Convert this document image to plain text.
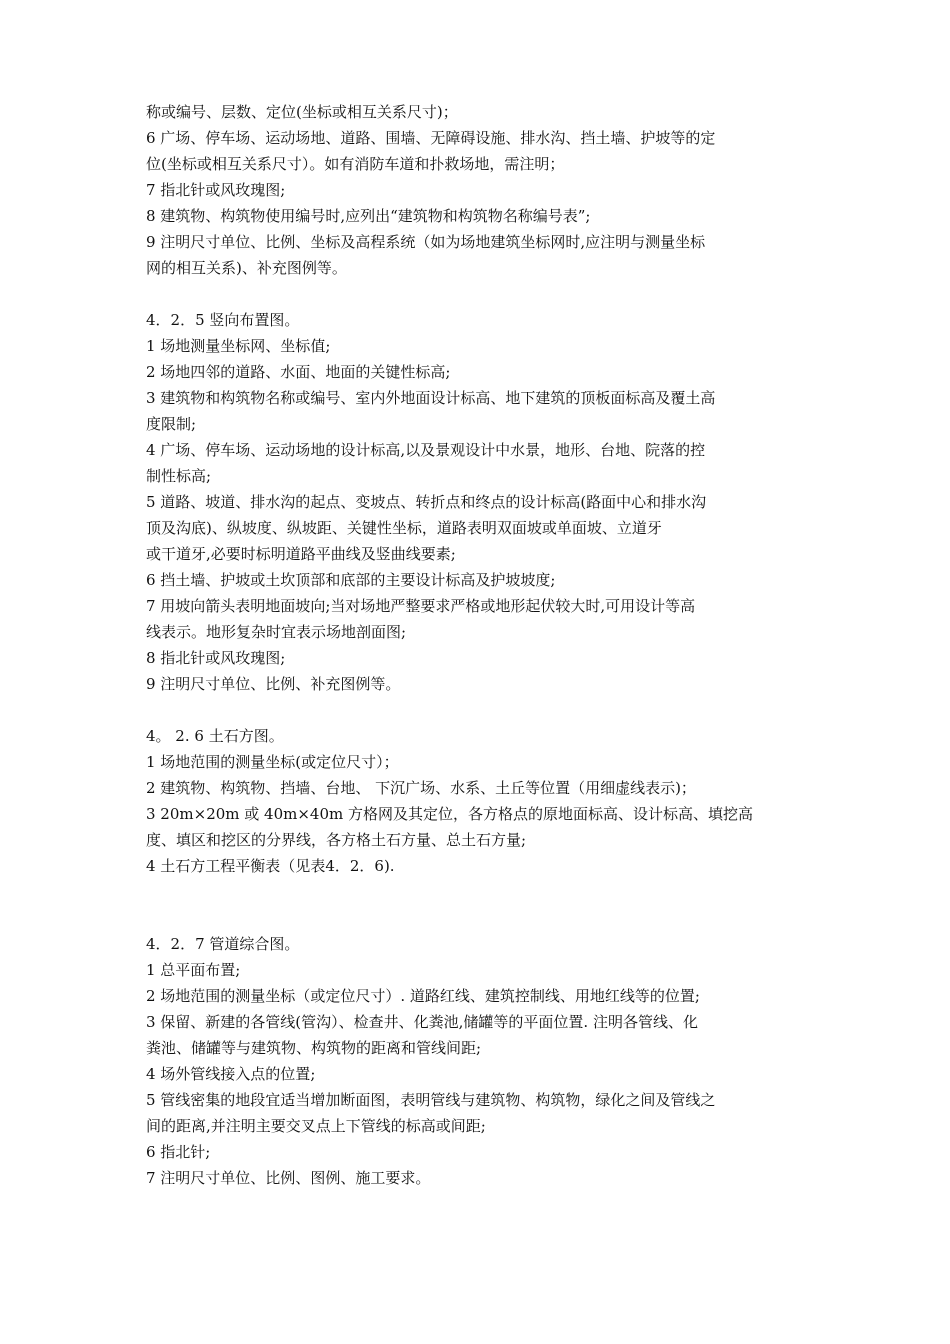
称或编号、层数、定位(坐标或相互关系尺寸)；
6 广场、停车场、运动场地、道路、围墙、无障碍设施、排水沟、挡土墙、护坡等的定
位(坐标或相互关系尺寸）。如有消防车道和扑救场地，需注明；
7 指北针或风玫瑰图;
8 建筑物、构筑物使用编号时,应列出“建筑物和构筑物名称编号表”;
9 注明尺寸单位、比例、坐标及高程系统（如为场地建筑坐标网时,应注明与测量坐标
网的相互关系)、补充图例等。
4．2．5 竖向布置图。
1 场地测量坐标网、坐标值;
2 场地四邻的道路、水面、地面的关键性标高;
3 建筑物和构筑物名称或编号、室内外地面设计标高、地下建筑的顶板面标高及覆土高
度限制;
4 广场、停车场、运动场地的设计标高,以及景观设计中水景，地形、台地、院落的控
制性标高;
5 道路、坡道、排水沟的起点、变坡点、转折点和终点的设计标高(路面中心和排水沟
顶及沟底)、纵坡度、纵坡距、关键性坐标，道路表明双面坡或单面坡、立道牙
或干道牙,必要时标明道路平曲线及竖曲线要素;
6 挡土墙、护坡或土坎顶部和底部的主要设计标高及护坡坡度;
7 用坡向箭头表明地面坡向;当对场地严整要求严格或地形起伏较大时,可用设计等高
线表示。地形复杂时宜表示场地剖面图;
8 指北针或风玫瑰图;
9 注明尺寸单位、比例、补充图例等。
4。 2. 6 土石方图。
1 场地范围的测量坐标(或定位尺寸）；
2 建筑物、构筑物、挡墙、台地、 下沉广场、水系、土丘等位置（用细虚线表示)；
3 20m×20m 或 40m×40m 方格网及其定位，各方格点的原地面标高、设计标高、填挖高
度、填区和挖区的分界线，各方格土石方量、总土石方量;
4 土石方工程平衡表（见表4．2．6).
4．2．7 管道综合图。
1 总平面布置;
2 场地范围的测量坐标（或定位尺寸）. 道路红线、建筑控制线、用地红线等的位置;
3 保留、新建的各管线(管沟）、检查井、化粪池,储罐等的平面位置. 注明各管线、化
粪池、储罐等与建筑物、构筑物的距离和管线间距;
4 场外管线接入点的位置;
5 管线密集的地段宜适当增加断面图，表明管线与建筑物、构筑物，绿化之间及管线之
间的距离,并注明主要交叉点上下管线的标高或间距;
6 指北针;
7 注明尺寸单位、比例、图例、施工要求。
